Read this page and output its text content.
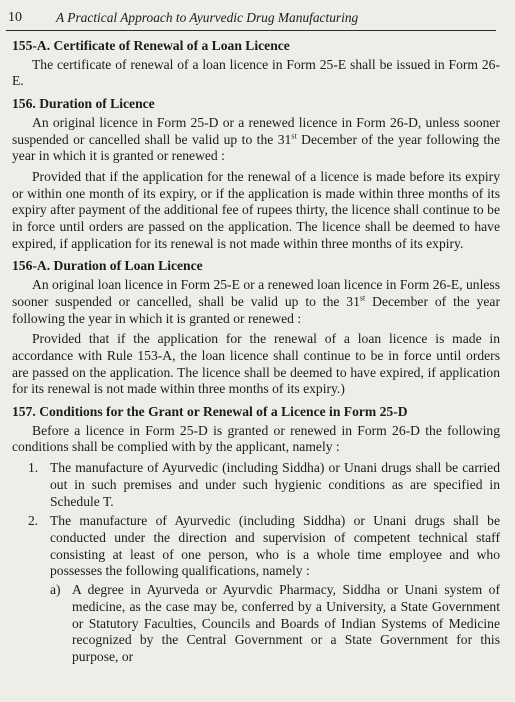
10	A Practical Approach to Ayurvedic Drug Manufacturing
155-A. Certificate of Renewal of a Loan Licence

The certificate of renewal of a loan licence in Form 25-E shall be issued in Form 26-E.

156. Duration of Licence

An original licence in Form 25-D or a renewed licence in Form 26-D, unless sooner suspended or cancelled shall be valid up to the 31st December of the year following the year in which it is granted or renewed :

Provided that if the application for the renewal of a licence is made before its expiry or within one month of its expiry, or if the application is made within three months of its expiry after payment of the additional fee of rupees thirty, the licence shall continue to be in force until orders are passed on the application. The licence shall be deemed to have expired, if application for its renewal is not made within three months of its expiry.

156-A. Duration of Loan Licence

An original loan licence in Form 25-E or a renewed loan licence in Form 26-E, unless sooner suspended or cancelled, shall be valid up to the 31st December of the year following the year in which it is granted or renewed :

Provided that if the application for the renewal of a loan licence is made in accordance with Rule 153-A, the loan licence shall continue to be in force until orders are passed on the application. The licence shall be deemed to have expired, if application for its renewal is not made within three months of its expiry.)

157. Conditions for the Grant or Renewal of a Licence in Form 25-D

Before a licence in Form 25-D is granted or renewed in Form 26-D the following conditions shall be complied with by the applicant, namely :

1. The manufacture of Ayurvedic (including Siddha) or Unani drugs shall be carried out in such premises and under such hygienic conditions as are specified in Schedule T.
2. The manufacture of Ayurvedic (including Siddha) or Unani drugs shall be conducted under the direction and supervision of competent technical staff consisting at least of one person, who is a whole time employee and who possesses the following qualifications, namely :
a) A degree in Ayurveda or Ayurvdic Pharmacy, Siddha or Unani system of medicine, as the case may be, conferred by a University, a State Government or Statutory Faculties, Councils and Boards of Indian Systems of Medicine recognized by the Central Government or a State Government for this purpose, or
